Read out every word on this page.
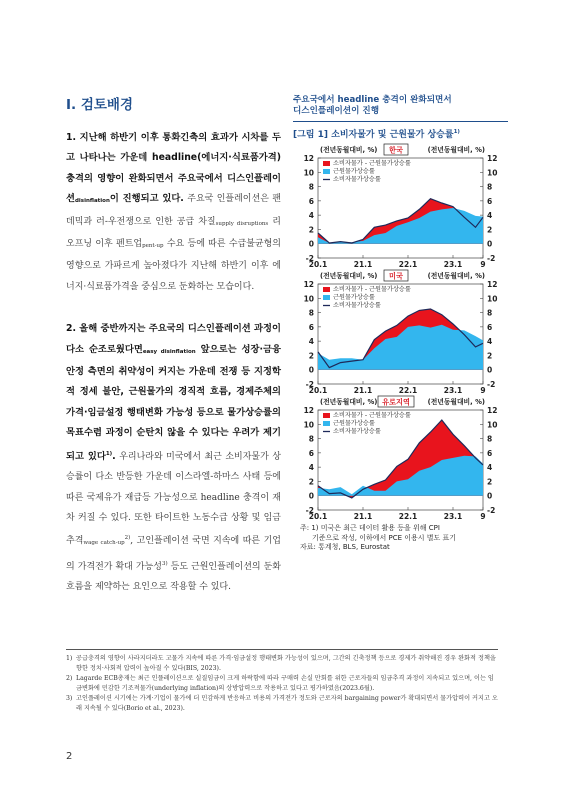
Ⅰ. 검토배경

1. 지난해 하반기 이후 통화긴축의 효과가 시차를 두고 나타나는 가운데 headline(에너지·식료품가격) 충격의 영향이 완화되면서 주요국에서 디스인플레이션$_{disinflation}$이 진행되고 있다. 주요국 인플레이션은 팬데믹과 러-우전쟁으로 인한 공급 차질$_{supply disruptions}$ 리오프닝 이후 펜트업$_{pent-up}$ 수요 등에 따른 수급불균형의 영향으로 가파르게 높아졌다가 지난해 하반기 이후 에너지·식료품가격을 중심으로 둔화하는 모습이다.

2. 올해 중반까지는 주요국의 디스인플레이션 과정이 다소 순조로웠다면$_{easy disinflation}$ 앞으로는 성장·금융안정 측면의 취약성이 커지는 가운데 전쟁 등 지정학적 정세 불안, 근원물가의 경직적 흐름, 경제주체의 가격·임금설정 행태변화 가능성 등으로 물가상승률의 목표수렴 과정이 순탄치 않을 수 있다는 우려가 제기되고 있다$^{1)}$. 우리나라와 미국에서 최근 소비자물가 상승률이 다소 반등한 가운데 이스라엘-하마스 사태 등에 따른 국제유가 재급등 가능성으로 headline 충격이 재차 커질 수 있다. 또한 타이트한 노동수급 상황 및 임금추격$_{wage catch-up}^{2)}$, 고인플레이션 국면 지속에 따른 기업의 가격전가 확대 가능성$^{3)}$ 등도 근원인플레이션의 둔화 흐름을 제약하는 요인으로 작용할 수 있다.

주요국에서 headline 충격이 완화되면서
디스인플레이션이 진행
[그림 1] 소비자물가 및 근원물가 상승률$^{1)}$
12	12
10	10
8	8
6	6
4	4
2	2
0	0
-2	-2
20.1	21.1	22.1	23.1 9
(전년동월대비, %)	(전년동월대비, %)
한국
소비자물가 - 근원물가상승률
근원물가상승률
소비자물가상승률
12	12
10	10
8	8
6	6
4	4
2	2
0	0
-2	-2
20.1	21.1	22.1	23.1 9
(전년동월대비, %)	(전년동월대비, %)
미국
소비자물가 - 근원물가상승률
근원물가상승률
소비자물가상승률
12	12
10	10
8	8
6	6
4	4
2	2
0	0
-2	-2
20.1	21.1	22.1	23.1 9
(전년동월대비, %)	(전년동월대비, %)
유로지역
소비자물가 - 근원물가상승률
근원물가상승률
소비자물가상승률
주: 1) 미국은 최근 데이터 활용 등을 위해 CPI
기준으로 작성, 이하에서 PCE 이용시 별도 표기
자료: 통계청, BLS, Eurostat
1) 공급충격의 영향이 사라지더라도 고물가 지속에 따른 가격·임금설정 행태변화 가능성이 있으며, 그간의 긴축정책 등으로 경제가 취약해진 경우 완화적 정책을 향한 정치·사회적 압력이 높아질 수 있다(BIS, 2023).
2) Lagarde ECB총재는 최근 인플레이션으로 실질임금이 크게 하락함에 따라 구매력 손실 만회를 위한 근로자들의 임금추격 과정이 지속되고 있으며, 이는 임금변화에 민감한 기조적물가(underlying inflation)의 상방압력으로 작용하고 있다고 평가하였음(2023.6월).
3) 고인플레이션 시기에는 가계·기업이 물가에 더 민감하게 반응하고 비용의 가격전가 정도와 근로자의 bargaining power가 확대되면서 물가압력이 커지고 오래 지속될 수 있다(Borio et al., 2023).
2
